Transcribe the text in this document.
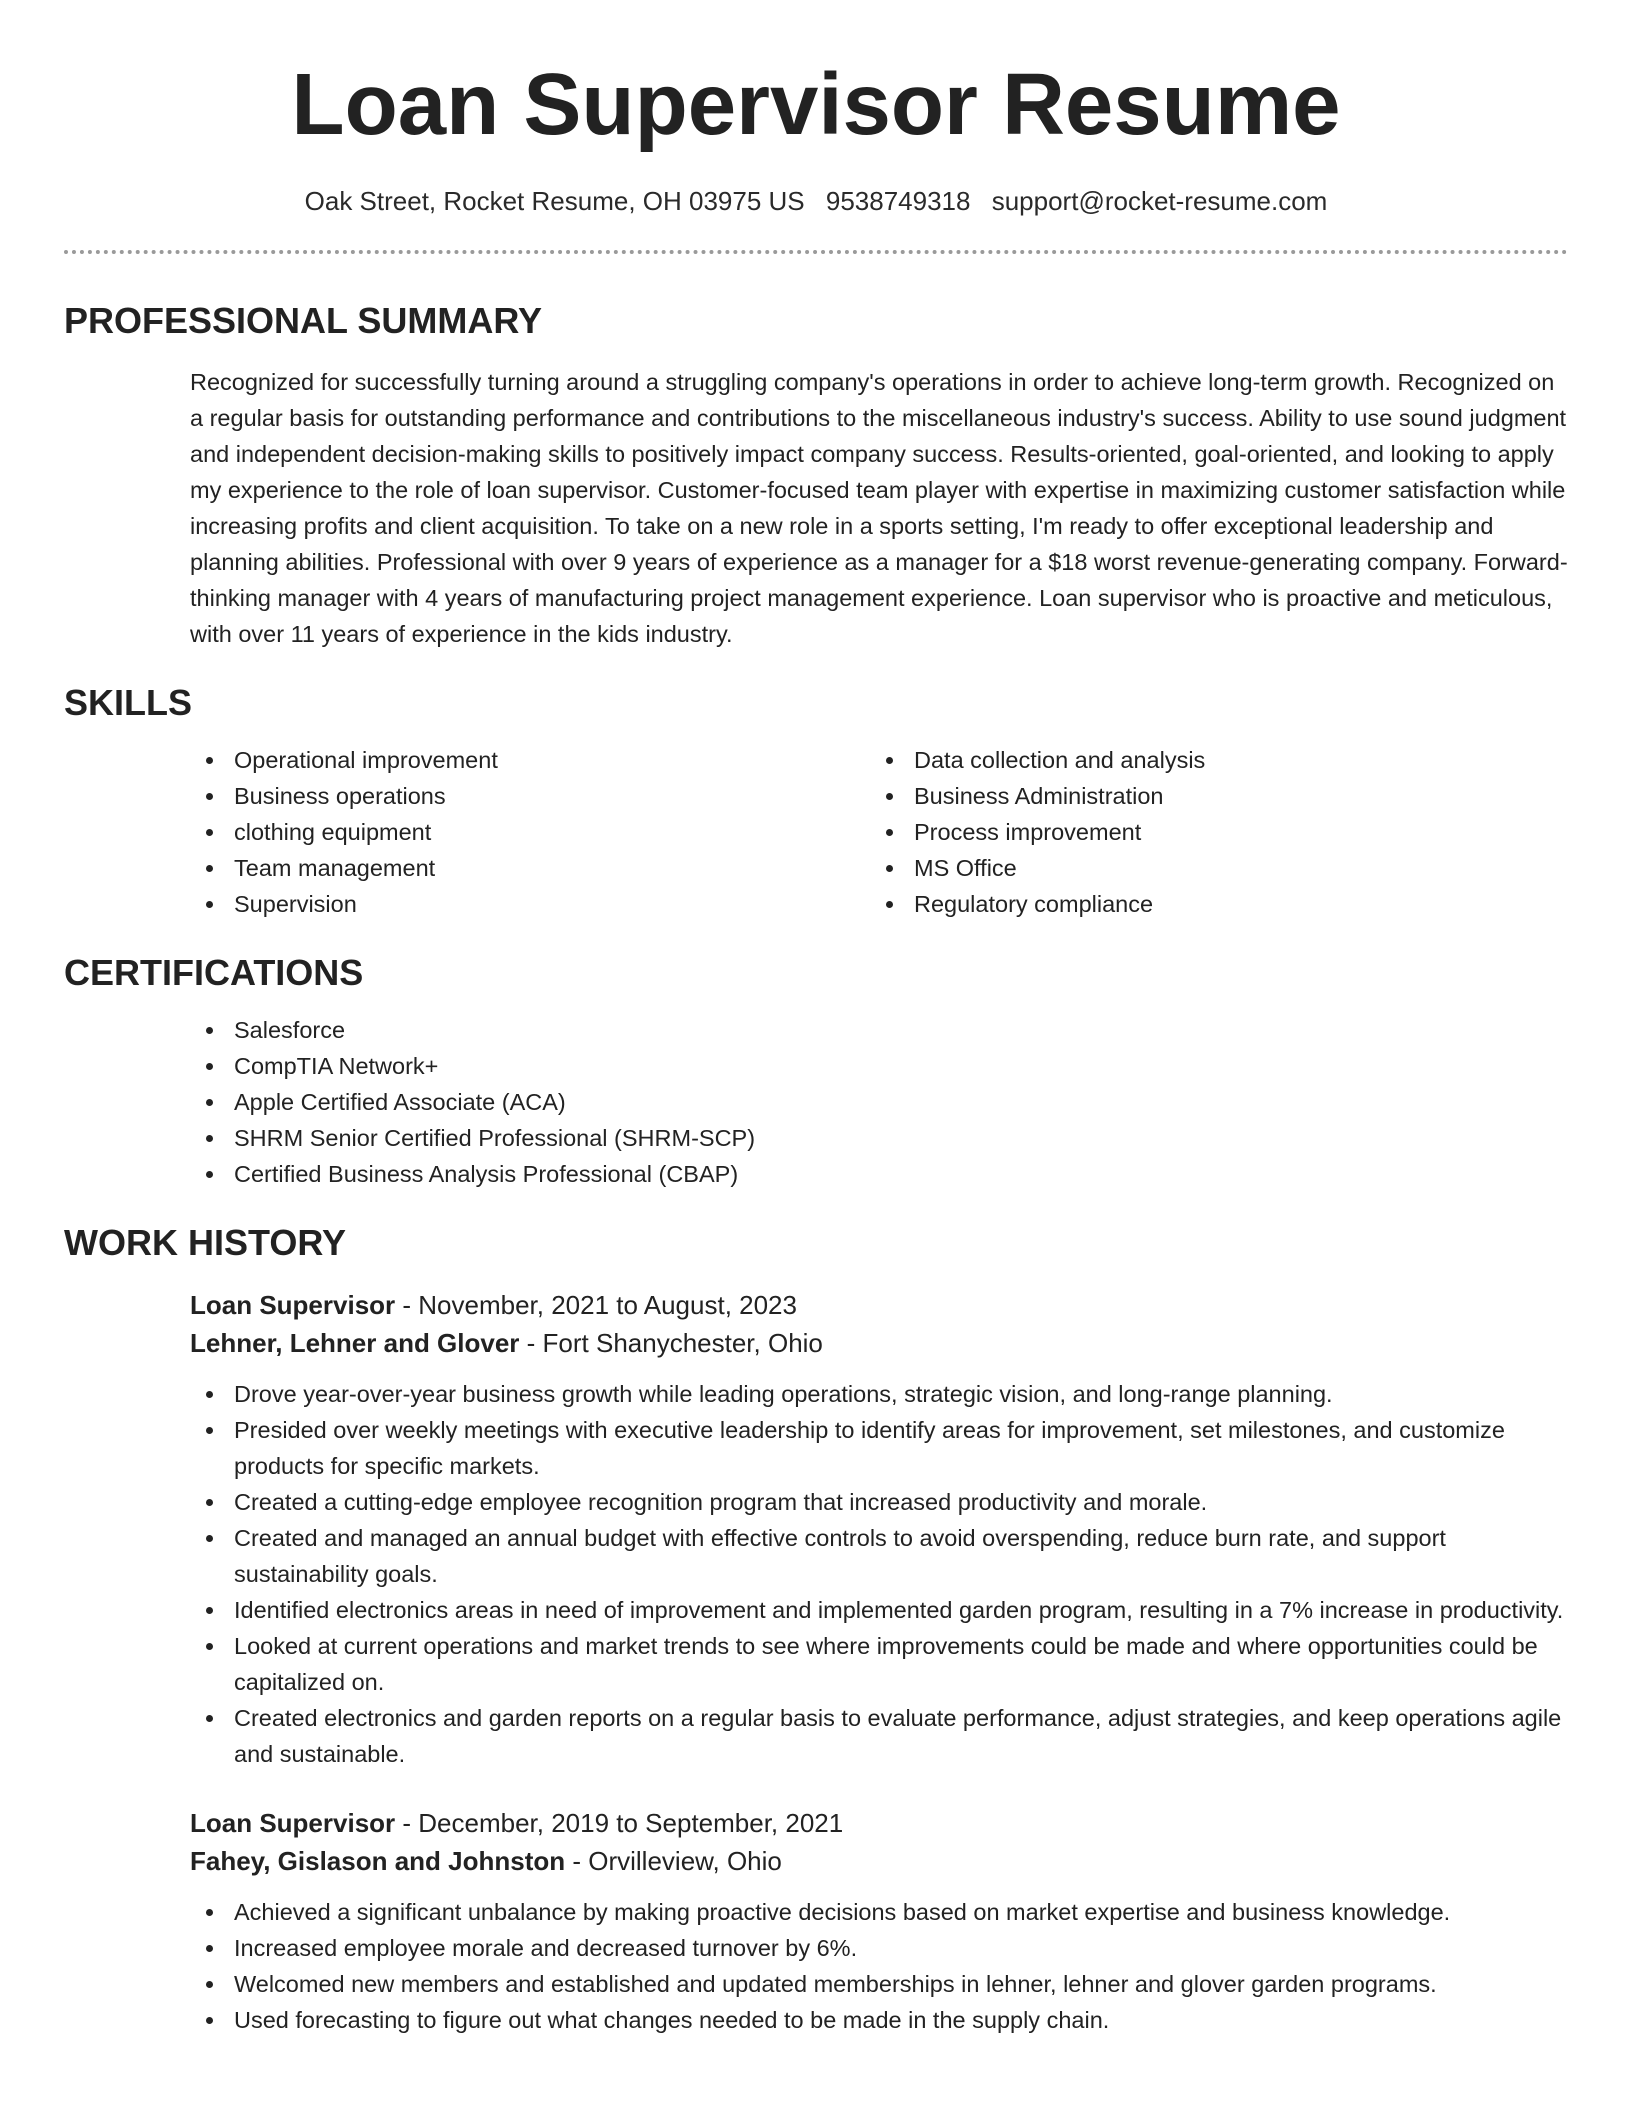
Loan Supervisor Resume
Oak Street, Rocket Resume, OH 03975 US 9538749318 support@rocket-resume.com
PROFESSIONAL SUMMARY

Recognized for successfully turning around a struggling company's operations in order to achieve long-term growth. Recognized on a regular basis for outstanding performance and contributions to the miscellaneous industry's success. Ability to use sound judgment and independent decision-making skills to positively impact company success. Results-oriented, goal-oriented, and looking to apply my experience to the role of loan supervisor. Customer-focused team player with expertise in maximizing customer satisfaction while increasing profits and client acquisition. To take on a new role in a sports setting, I'm ready to offer exceptional leadership and planning abilities. Professional with over 9 years of experience as a manager for a $18 worst revenue-generating company. Forward-thinking manager with 4 years of manufacturing project management experience. Loan supervisor who is proactive and meticulous, with over 11 years of experience in the kids industry.

SKILLS
Operational improvement
Business operations
clothing equipment
Team management
Supervision
Data collection and analysis
Business Administration
Process improvement
MS Office
Regulatory compliance
CERTIFICATIONS
Salesforce
CompTIA Network+
Apple Certified Associate (ACA)
SHRM Senior Certified Professional (SHRM-SCP)
Certified Business Analysis Professional (CBAP)
WORK HISTORY
Loan Supervisor - November, 2021 to August, 2023
Lehner, Lehner and Glover - Fort Shanychester, Ohio
Drove year-over-year business growth while leading operations, strategic vision, and long-range planning.
Presided over weekly meetings with executive leadership to identify areas for improvement, set milestones, and customize products for specific markets.
Created a cutting-edge employee recognition program that increased productivity and morale.
Created and managed an annual budget with effective controls to avoid overspending, reduce burn rate, and support sustainability goals.
Identified electronics areas in need of improvement and implemented garden program, resulting in a 7% increase in productivity.
Looked at current operations and market trends to see where improvements could be made and where opportunities could be capitalized on.
Created electronics and garden reports on a regular basis to evaluate performance, adjust strategies, and keep operations agile and sustainable.
Loan Supervisor - December, 2019 to September, 2021
Fahey, Gislason and Johnston - Orvilleview, Ohio
Achieved a significant unbalance by making proactive decisions based on market expertise and business knowledge.
Increased employee morale and decreased turnover by 6%.
Welcomed new members and established and updated memberships in lehner, lehner and glover garden programs.
Used forecasting to figure out what changes needed to be made in the supply chain.
